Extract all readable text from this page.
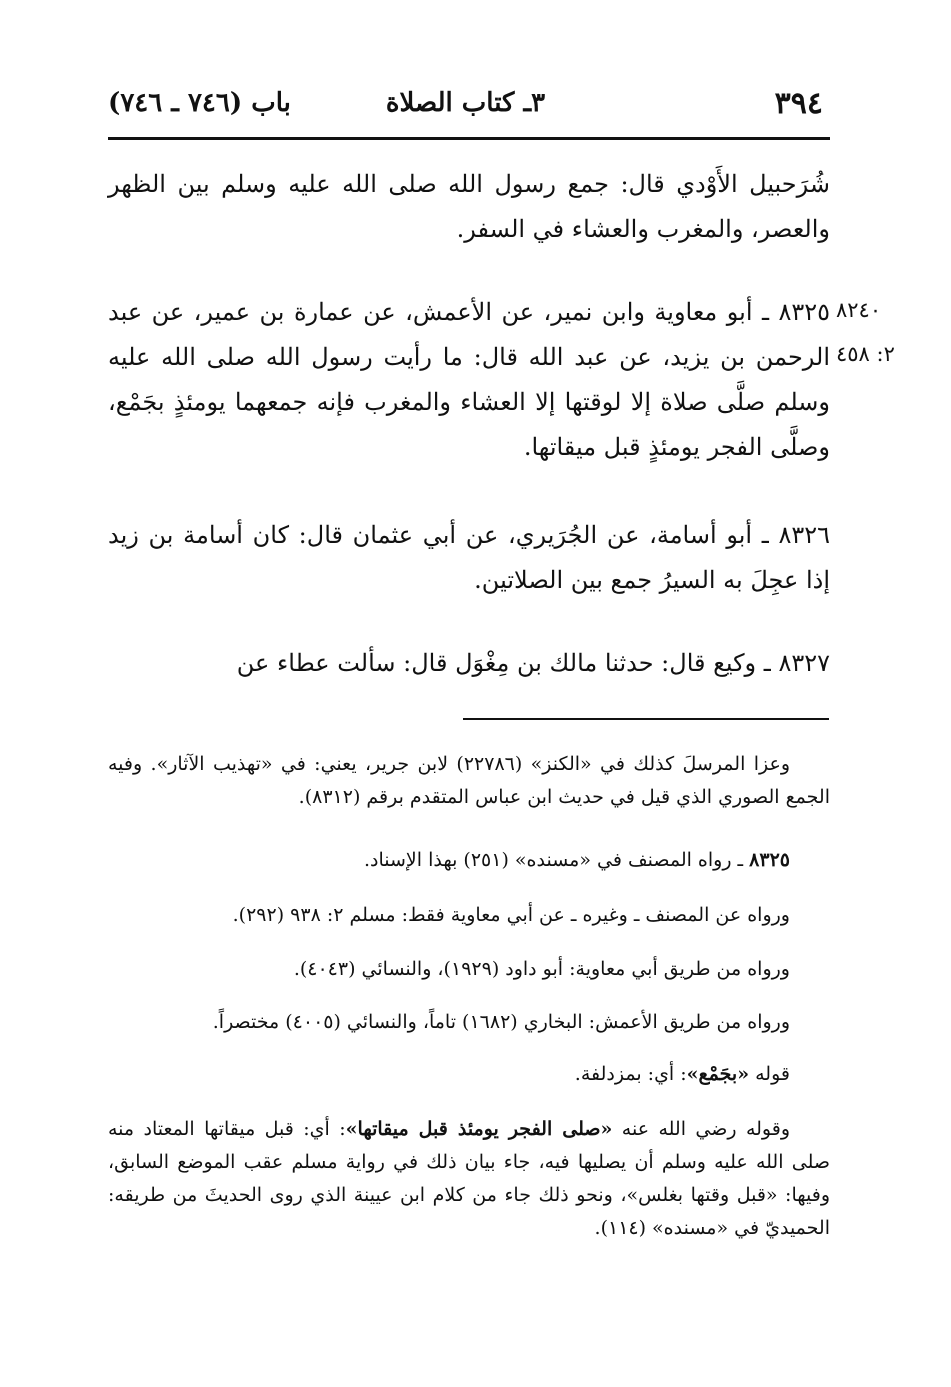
٣٩٤
٣ـ كتاب الصلاة
باب (٧٤٦ ـ ٧٤٦)

شُرَحبيل الأَوْدي قال: جمع رسول الله صلى الله عليه وسلم بين الظهر والعصر، والمغرب والعشاء في السفر.

٨٣٢٥ ـ أبو معاوية وابن نمير، عن الأعمش، عن عمارة بن عمير، عن عبد الرحمن بن يزيد، عن عبد الله قال: ما رأيت رسول الله صلى الله عليه وسلم صلَّى صلاة إلا لوقتها إلا العشاء والمغرب فإنه جمعهما يومئذٍ بجَمْع، وصلَّى الفجر يومئذٍ قبل ميقاتها.

٨٣٢٦ ـ أبو أسامة، عن الجُرَيري، عن أبي عثمان قال: كان أسامة بن زيد إذا عجِلَ به السيرُ جمع بين الصلاتين.

٨٣٢٧ ـ وكيع قال: حدثنا مالك بن مِغْوَل قال: سألت عطاء عن

٨٢٤٠
٢: ٤٥٨

وعزا المرسلَ كذلك في «الكنز» (٢٢٧٨٦) لابن جرير، يعني: في «تهذيب الآثار». وفيه الجمع الصوري الذي قيل في حديث ابن عباس المتقدم برقم (٨٣١٢).

٨٣٢٥ ـ رواه المصنف في «مسنده» (٢٥١) بهذا الإسناد.

ورواه عن المصنف ـ وغيره ـ عن أبي معاوية فقط: مسلم ٢: ٩٣٨ (٢٩٢).

ورواه من طريق أبي معاوية: أبو داود (١٩٢٩)، والنسائي (٤٠٤٣).

ورواه من طريق الأعمش: البخاري (١٦٨٢) تاماً، والنسائي (٤٠٠٥) مختصراً.

قوله «بجَمْع»: أي: بمزدلفة.

وقوله رضي الله عنه «صلى الفجر يومئذ قبل ميقاتها»: أي: قبل ميقاتها المعتاد منه صلى الله عليه وسلم أن يصليها فيه، جاء بيان ذلك في رواية مسلم عقب الموضع السابق، وفيها: «قبل وقتها بغلس»، ونحو ذلك جاء من كلام ابن عيينة الذي روى الحديثَ من طريقه: الحميديّ في «مسنده» (١١٤).
